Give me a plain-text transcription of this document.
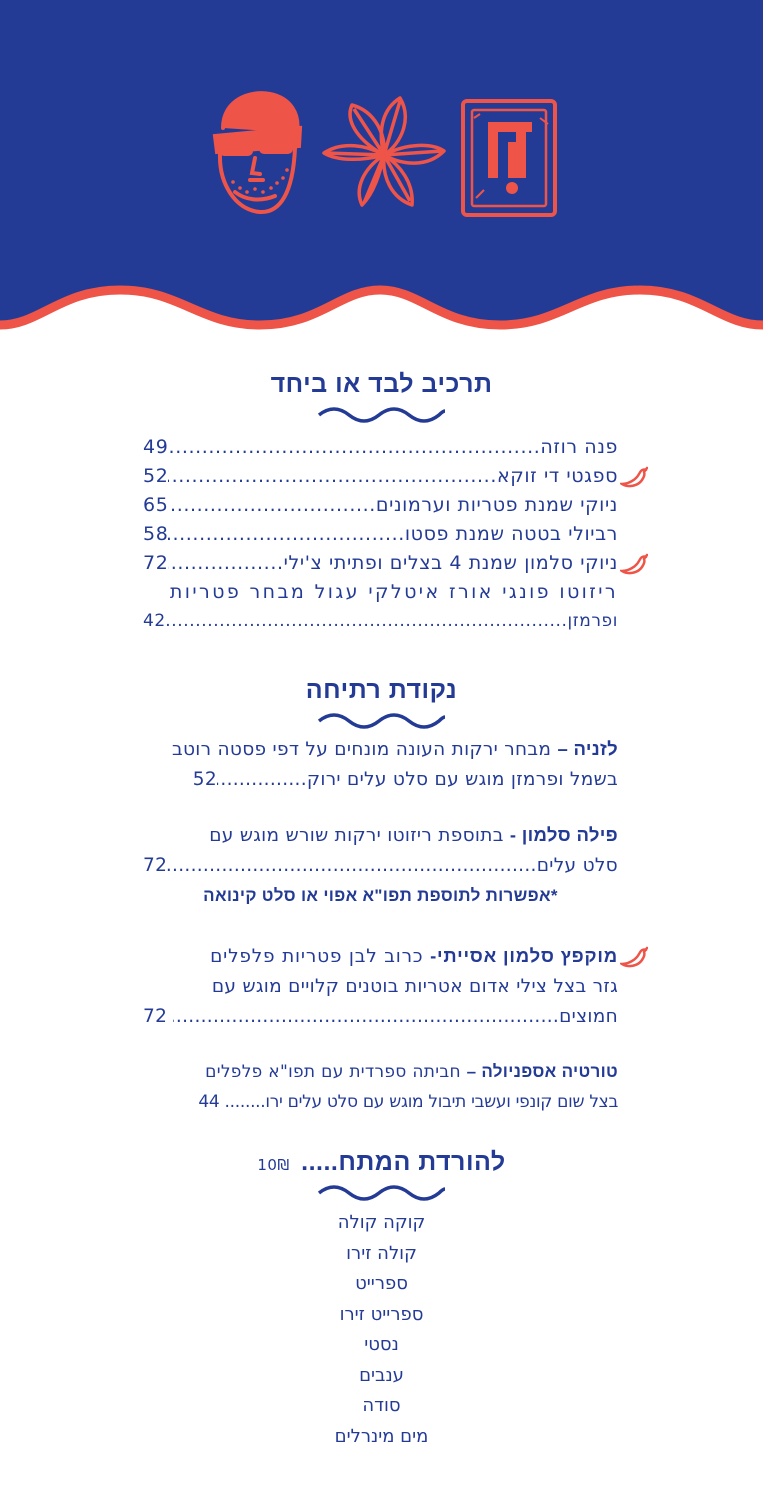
תרכיב לבד או ביחד
פנה רוזה
.....
49
ספגטי די זוקא
.....
52
ניוקי שמנת פטריות וערמונים
.....
65
רביולי בטטה שמנת פסטו
.....
58
ניוקי סלמון שמנת 4 בצלים ופתיתי צ'ילי
.....
72
ריזוטו פונגי אורז איטלקי עגול מבחר פטריות
ופרמזן
.....
42
נקודת רתיחה
לזניה – מבחר ירקות העונה מונחים על דפי פסטה רוטב
בשמל ופרמזן מוגש עם סלט עלים ירוק
.....
52
פילה סלמון - בתוספת ריזוטו ירקות שורש מוגש עם
סלט עלים
.....
72
*אפשרות לתוספת תפו"א אפוי או סלט קינואה
מוקפץ סלמון אסייתי- כרוב לבן פטריות פלפלים
גזר בצל צילי אדום אטריות בוטנים קלויים מוגש עם
חמוצים
.....
72
טורטיה אספניולה – חביתה ספרדית עם תפו"א פלפלים
בצל שום קונפי ועשבי תיבול מוגש עם סלט עלים ירו........ 44
להורדת המתח..... 10₪
קוקה קולה
קולה זירו
ספרייט
ספרייט זירו
נסטי
ענבים
סודה
מים מינרלים
